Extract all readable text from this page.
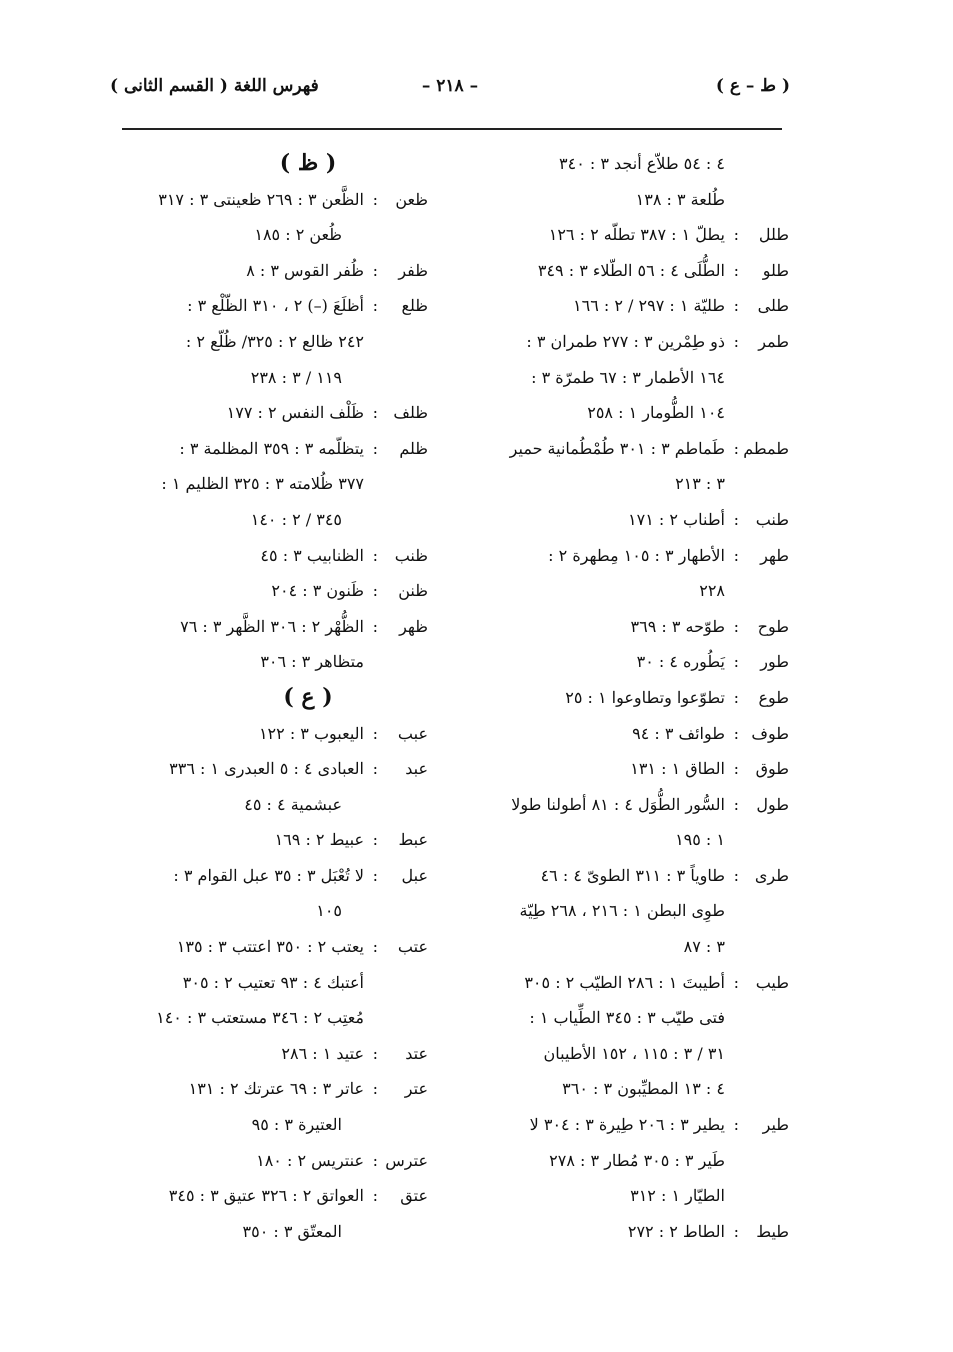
( ط – ع )
– ٢١٨ –
فهرس اللغة ( القسم الثانى )
٤ : ٥٤ طلاّع أنجد ٣ : ٣٤٠
طُلعة ٣ : ١٣٨
طلل
:
يطلّ ١ : ٣٨٧ تطلّه ٢ : ١٢٦
طلو
:
الطُّلَى ٤ : ٥٦ الطّلاء ٣ : ٣٤٩
طلى
:
طليّة ١ : ٢٩٧ / ٢ : ١٦٦
طمر
:
ذو طِمْرين ٣ : ٢٧٧ طمران ٣ :
١٦٤ الأطمار ٣ : ٦٧ طمرّة ٣ :
١٠٤ الطُّومار ١ : ٢٥٨
طمطم
:
طَماطم ٣ : ٣٠١ طُمْطُمانية حمير
٣ : ٢١٣
طنب
:
أطناب ٢ : ١٧١
طهر
:
الأطهار ٣ : ١٠٥ مِطهرة ٢ :
٢٢٨
طوح
:
طوّحه ٣ : ٣٦٩
طور
:
يَطُوره ٤ : ٣٠
طوع
:
تطوّعوا وتطاوعوا ١ : ٢٥
طوف
:
طوائف ٣ : ٩٤
طوق
:
الطاق ١ : ١٣١
طول
:
السُّور الطُّوَل ٤ : ٨١ أطولنا طولا
١ : ١٩٥
طرى
:
طاوياً ٣ : ٣١١ الطوىّ ٤ : ٤٦
طوِى البطن ١ : ٢١٦ ، ٢٦٨ طِيّة
٣ : ٨٧
طيب
:
أطيبتَ ١ : ٢٨٦ الطيّب ٢ : ٣٠٥
فتى طيّب ٣ : ٣٤٥ الطِّياب ١ :
٣١ / ٣ : ١١٥ ، ١٥٢ الأطيبان
٤ : ١٣ المطيِّبون ٣ : ٣٦٠
طير
:
يطير ٣ : ٢٠٦ طِيرة ٣ : ٣٠٤ لا
طَير ٣ : ٣٠٥ مُطار ٣ : ٢٧٨
الطيّار ١ : ٣١٢
طيط
:
الطاط ٢ : ٢٧٢
( ظ )
ظعن
:
الظَّعن ٣ : ٢٦٩ ظعينتى ٣ : ٣١٧
ظُعن ٢ : ١٨٥
ظفر
:
ظُفر القوس ٣ : ٨
ظلع
:
أظلَعَ (–) ٢ ، ٣١٠ الظّلْع ٣ :
٢٤٢ ظالع ٢ : ٣٢٥/ ظُلّع ٢ :
١١٩ / ٣ : ٢٣٨
ظلف
:
ظَلْف النفس ٢ : ١٧٧
ظلم
:
يتظلّمه ٣ : ٣٥٩ المظلمة ٣ :
٣٧٧ ظُلامته ٣ : ٣٢٥ الظليم ١ :
٣٤٥ / ٢ : ١٤٠
ظنب
:
الظنابيب ٣ : ٤٥
ظنن
:
ظَنون ٣ : ٢٠٤
ظهر
:
الظُّهْر ٢ : ٣٠٦ الظَّهر ٣ : ٧٦
متظاهر ٣ : ٣٠٦
( ع )
عبب
:
اليعبوب ٣ : ١٢٢
عبد
:
العبادى ٤ : ٥ العبدرى ١ : ٣٣٦
عبشمية ٤ : ٤٥
عبط
:
عبيط ٢ : ١٦٩
عبل
:
لا تُعْبَل ٣ : ٣٥ عبل القوام ٣ :
١٠٥
عتب
:
يعتب ٢ : ٣٥٠ اعتتب ٣ : ١٣٥
أعتبك ٤ : ٩٣ تعتيب ٢ : ٣٠٥
مُعتِب ٢ : ٣٤٦ مستعتب ٣ : ١٤٠
عتد
:
عتيد ١ : ٢٨٦
عتر
:
عاتر ٣ : ٦٩ عترتك ٢ : ١٣١
العتيرة ٣ : ٩٥
عترس
:
عنتريس ٢ : ١٨٠
عتق
:
العواتق ٢ : ٣٢٦ عتيق ٣ : ٣٤٥
المعتّق ٣ : ٣٥٠
